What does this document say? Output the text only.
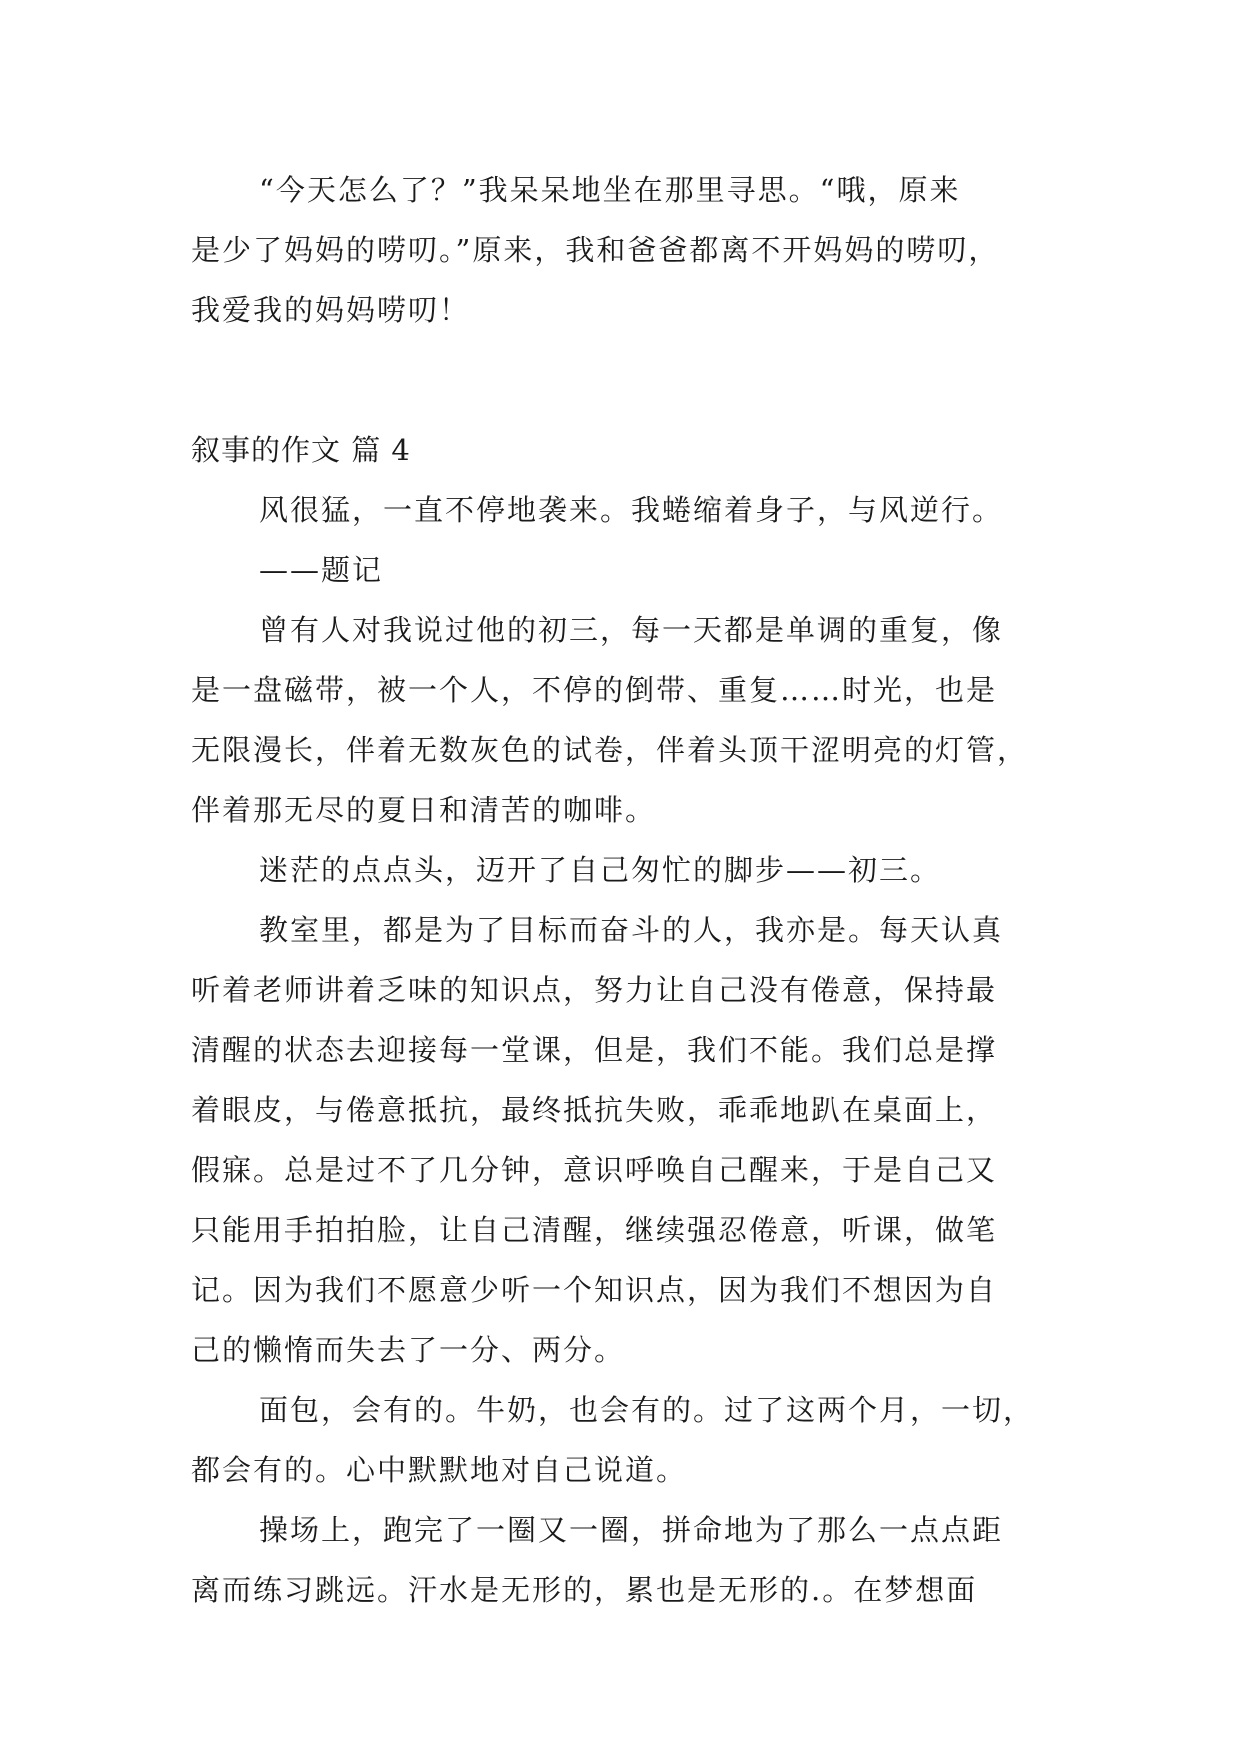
“今天怎么了？”我呆呆地坐在那里寻思。“哦，原来
是少了妈妈的唠叨。”原来，我和爸爸都离不开妈妈的唠叨，
我爱我的妈妈唠叨！
叙事的作文 篇 4
风很猛，一直不停地袭来。我蜷缩着身子，与风逆行。
——题记
曾有人对我说过他的初三，每一天都是单调的重复，像
是一盘磁带，被一个人，不停的倒带、重复……时光，也是
无限漫长，伴着无数灰色的试卷，伴着头顶干涩明亮的灯管，
伴着那无尽的夏日和清苦的咖啡。
迷茫的点点头，迈开了自己匆忙的脚步——初三。
教室里，都是为了目标而奋斗的人，我亦是。每天认真
听着老师讲着乏味的知识点，努力让自己没有倦意，保持最
清醒的状态去迎接每一堂课，但是，我们不能。我们总是撑
着眼皮，与倦意抵抗，最终抵抗失败，乖乖地趴在桌面上，
假寐。总是过不了几分钟，意识呼唤自己醒来，于是自己又
只能用手拍拍脸，让自己清醒，继续强忍倦意，听课，做笔
记。因为我们不愿意少听一个知识点，因为我们不想因为自
己的懒惰而失去了一分、两分。
面包，会有的。牛奶，也会有的。过了这两个月，一切，
都会有的。心中默默地对自己说道。
操场上，跑完了一圈又一圈，拼命地为了那么一点点距
离而练习跳远。汗水是无形的，累也是无形的.。在梦想面
